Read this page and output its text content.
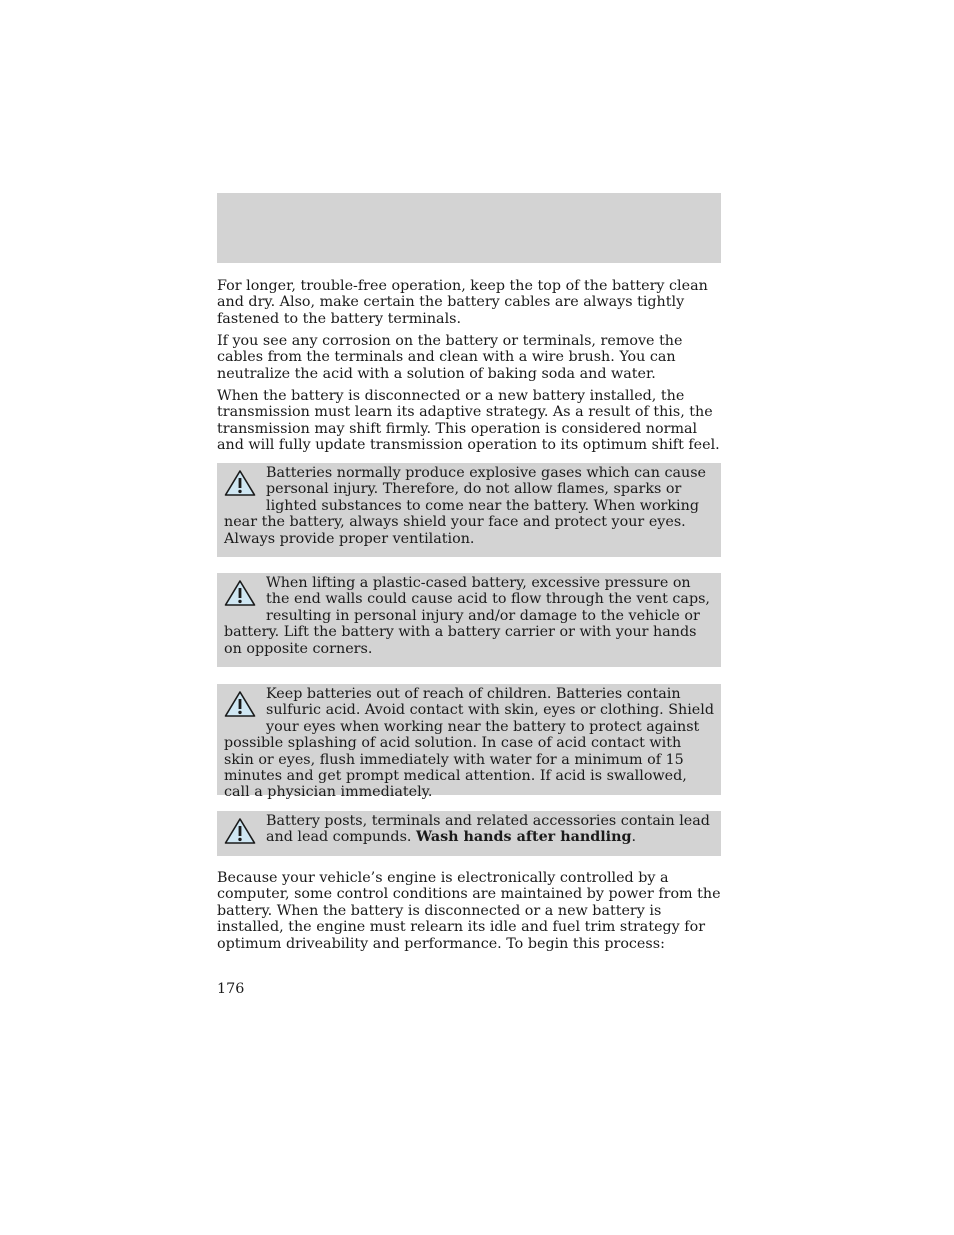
For longer, trouble-free operation, keep the top of the battery clean and dry. Also, make certain the battery cables are always tightly fastened to the battery terminals.

If you see any corrosion on the battery or terminals, remove the cables from the terminals and clean with a wire brush. You can neutralize the acid with a solution of baking soda and water.

When the battery is disconnected or a new battery installed, the transmission must learn its adaptive strategy. As a result of this, the transmission may shift firmly. This operation is considered normal and will fully update transmission operation to its optimum shift feel.

Batteries normally produce explosive gases which can cause personal injury. Therefore, do not allow flames, sparks or lighted substances to come near the battery. When working near the battery, always shield your face and protect your eyes. Always provide proper ventilation.

When lifting a plastic-cased battery, excessive pressure on the end walls could cause acid to flow through the vent caps, resulting in personal injury and/or damage to the vehicle or battery. Lift the battery with a battery carrier or with your hands on opposite corners.

Keep batteries out of reach of children. Batteries contain sulfuric acid. Avoid contact with skin, eyes or clothing. Shield your eyes when working near the battery to protect against possible splashing of acid solution. In case of acid contact with skin or eyes, flush immediately with water for a minimum of 15 minutes and get prompt medical attention. If acid is swallowed, call a physician immediately.

Battery posts, terminals and related accessories contain lead and lead compunds. Wash hands after handling.

Because your vehicle’s engine is electronically controlled by a computer, some control conditions are maintained by power from the battery. When the battery is disconnected or a new battery is installed, the engine must relearn its idle and fuel trim strategy for optimum driveability and performance. To begin this process:

176
